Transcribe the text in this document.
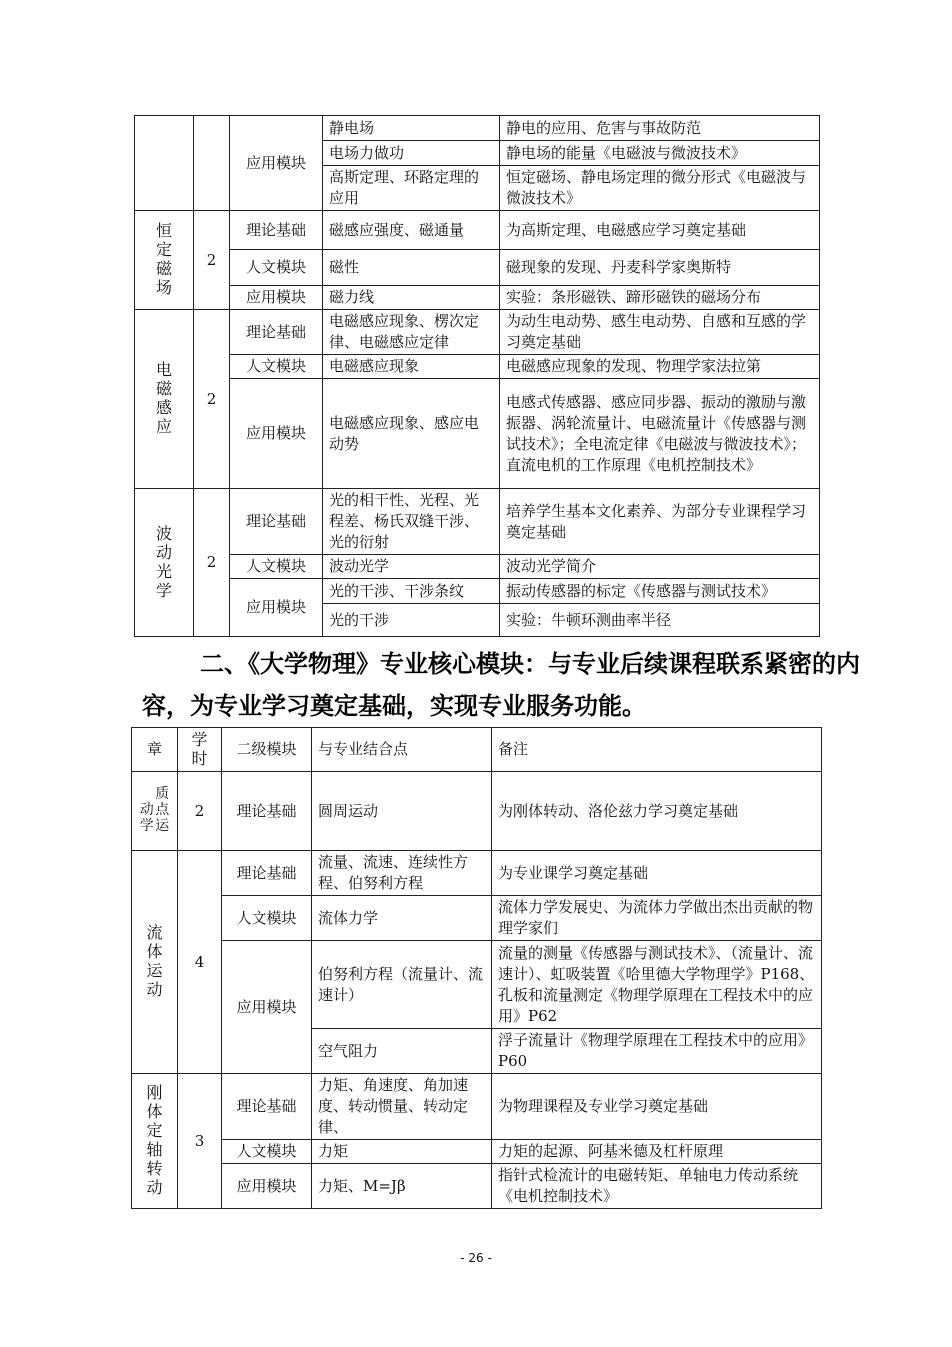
		应用模块	静电场	静电的应用、危害与事故防范
			电场力做功	静电场的能量《电磁波与微波技术》
			高斯定理、环路定理的应用	恒定磁场、静电场定理的微分形式《电磁波与微波技术》
恒定磁场	2	理论基础	磁感应强度、磁通量	为高斯定理、电磁感应学习奠定基础
		人文模块	磁性	磁现象的发现、丹麦科学家奥斯特
		应用模块	磁力线	实验：条形磁铁、蹄形磁铁的磁场分布
电磁感应	2	理论基础	电磁感应现象、楞次定律、电磁感应定律	为动生电动势、感生电动势、自感和互感的学习奠定基础
		人文模块	电磁感应现象	电磁感应现象的发现、物理学家法拉第
		应用模块	电磁感应现象、感应电动势	电感式传感器、感应同步器、振动的激励与激振器、涡轮流量计、电磁流量计《传感器与测试技术》；全电流定律《电磁波与微波技术》；直流电机的工作原理《电机控制技术》
波动光学	2	理论基础	光的相干性、光程、光程差、杨氏双缝干涉、光的衍射	培养学生基本文化素养、为部分专业课程学习奠定基础
		人文模块	波动光学	波动光学简介
		应用模块	光的干涉、干涉条纹	振动传感器的标定《传感器与测试技术》
			光的干涉	实验：牛顿环测曲率半径
二、《大学物理》专业核心模块：与专业后续课程联系紧密的内
容，为专业学习奠定基础，实现专业服务功能。
章	学时	二级模块	与专业结合点	备注
动学质点运	2	理论基础	圆周运动	为刚体转动、洛伦兹力学习奠定基础
流体运动	4	理论基础	流量、流速、连续性方程、伯努利方程	为专业课学习奠定基础
		人文模块	流体力学	流体力学发展史、为流体力学做出杰出贡献的物理学家们
		应用模块	伯努利方程（流量计、流速计）	流量的测量《传感器与测试技术》、（流量计、流速计）、虹吸装置《哈里德大学物理学》P168、孔板和流量测定《物理学原理在工程技术中的应用》P62
			空气阻力	浮子流量计《物理学原理在工程技术中的应用》P60
刚体定轴转动	3	理论基础	力矩、角速度、角加速度、转动惯量、转动定律、	为物理课程及专业学习奠定基础
		人文模块	力矩	力矩的起源、阿基米德及杠杆原理
		应用模块	力矩、M=Jβ	指针式检流计的电磁转矩、单轴电力传动系统《电机控制技术》
- 26 -
